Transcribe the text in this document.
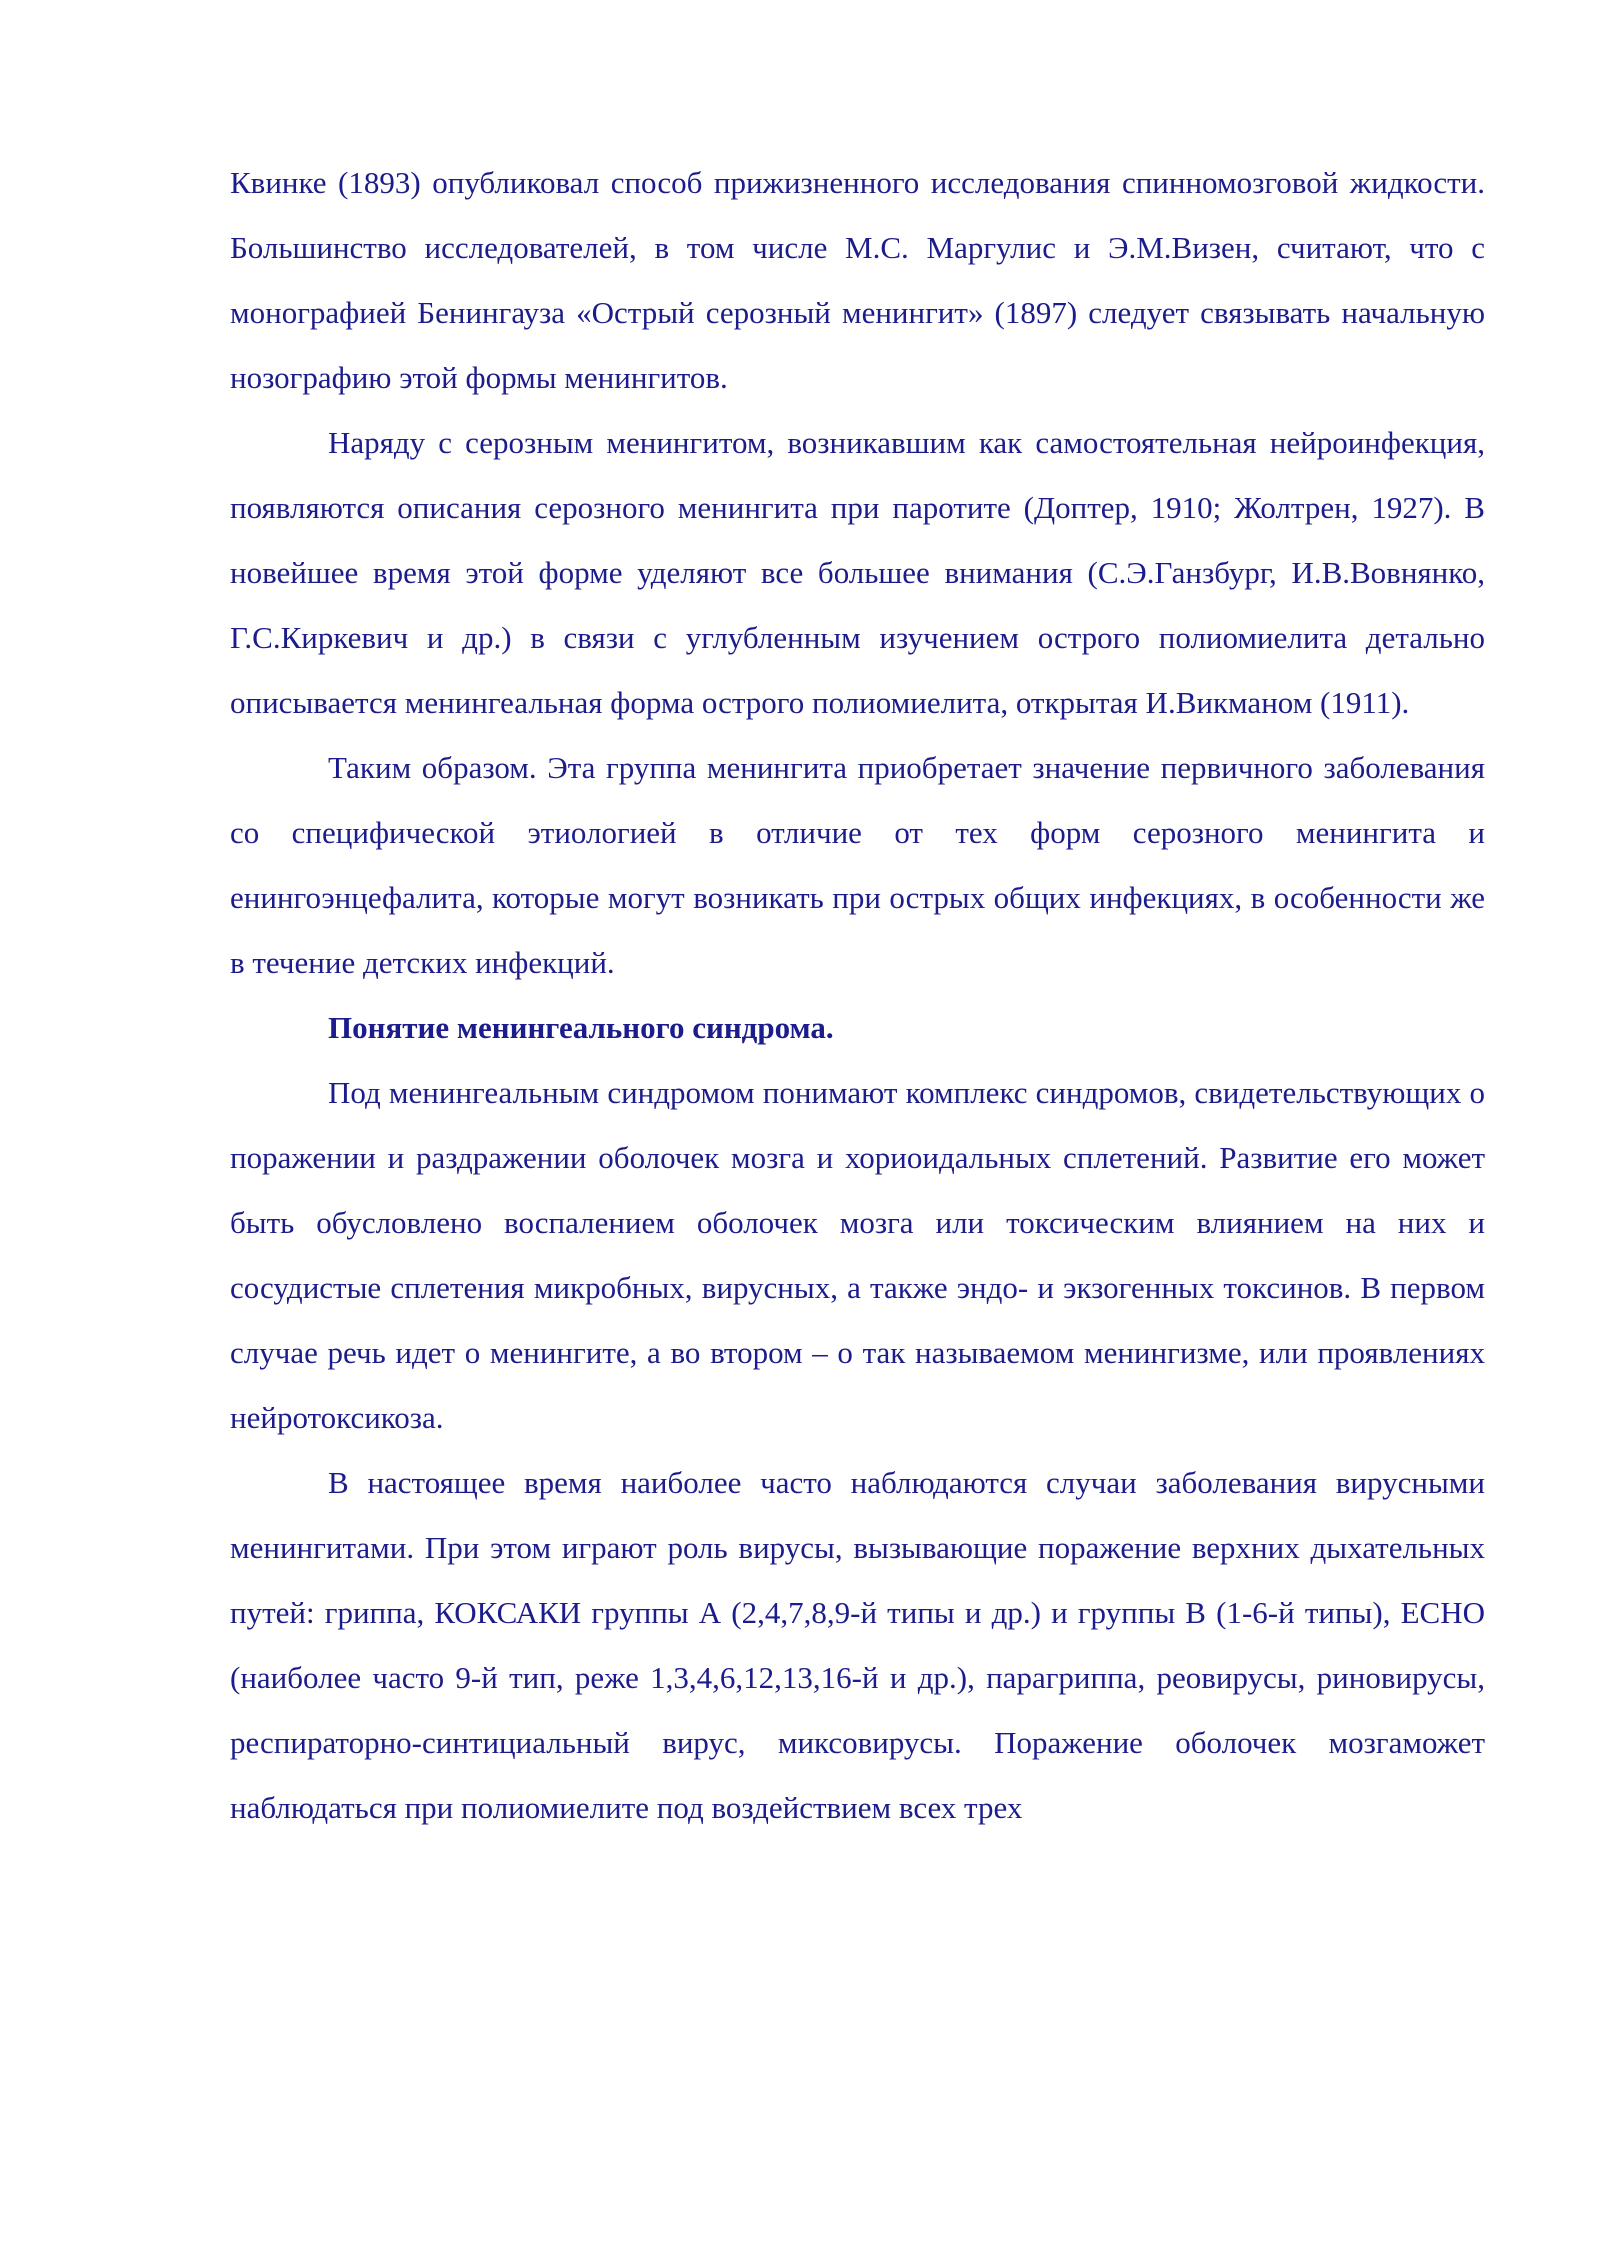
Квинке (1893) опубликовал способ прижизненного исследования спинномозговой жидкости. Большинство исследователей, в том числе М.С. Маргулис и Э.М.Визен, считают, что с монографией Бенингауза «Острый серозный менингит» (1897) следует связывать начальную нозографию этой формы менингитов.

Наряду с серозным менингитом, возникавшим как самостоятельная нейроинфекция, появляются описания серозного менингита при паротите (Доптер, 1910; Жолтрен, 1927). В новейшее время этой форме уделяют все большее внимания (С.Э.Ганзбург, И.В.Вовнянко, Г.С.Киркевич и др.) в связи с углубленным изучением острого полиомиелита детально описывается менингеальная форма острого полиомиелита, открытая И.Викманом (1911).

Таким образом. Эта группа менингита приобретает значение первичного заболевания со специфической этиологией в отличие от тех форм серозного менингита и енингоэнцефалита, которые могут возникать при острых общих инфекциях, в особенности же в течение детских инфекций.

Понятие менингеального синдрома.

Под менингеальным синдромом понимают комплекс синдромов, свидетельствующих о поражении и раздражении оболочек мозга и хориоидальных сплетений. Развитие его может быть обусловлено воспалением оболочек мозга или токсическим влиянием на них и сосудистые сплетения микробных, вирусных, а также эндо- и экзогенных токсинов. В первом случае речь идет о менингите, а во втором – о так называемом менингизме, или проявлениях нейротоксикоза.

В настоящее время наиболее часто наблюдаются случаи заболевания вирусными менингитами. При этом играют роль вирусы, вызывающие поражение верхних дыхательных путей: гриппа, КОКСАКИ группы А (2,4,7,8,9-й типы и др.) и группы В (1-6-й типы), ЕСНО (наиболее часто 9-й тип, реже 1,3,4,6,12,13,16-й и др.), парагриппа, реовирусы, риновирусы, респираторно-синтициальный вирус, миксовирусы. Поражение оболочек мозгаможет наблюдаться при полиомиелите под воздействием всех трех
